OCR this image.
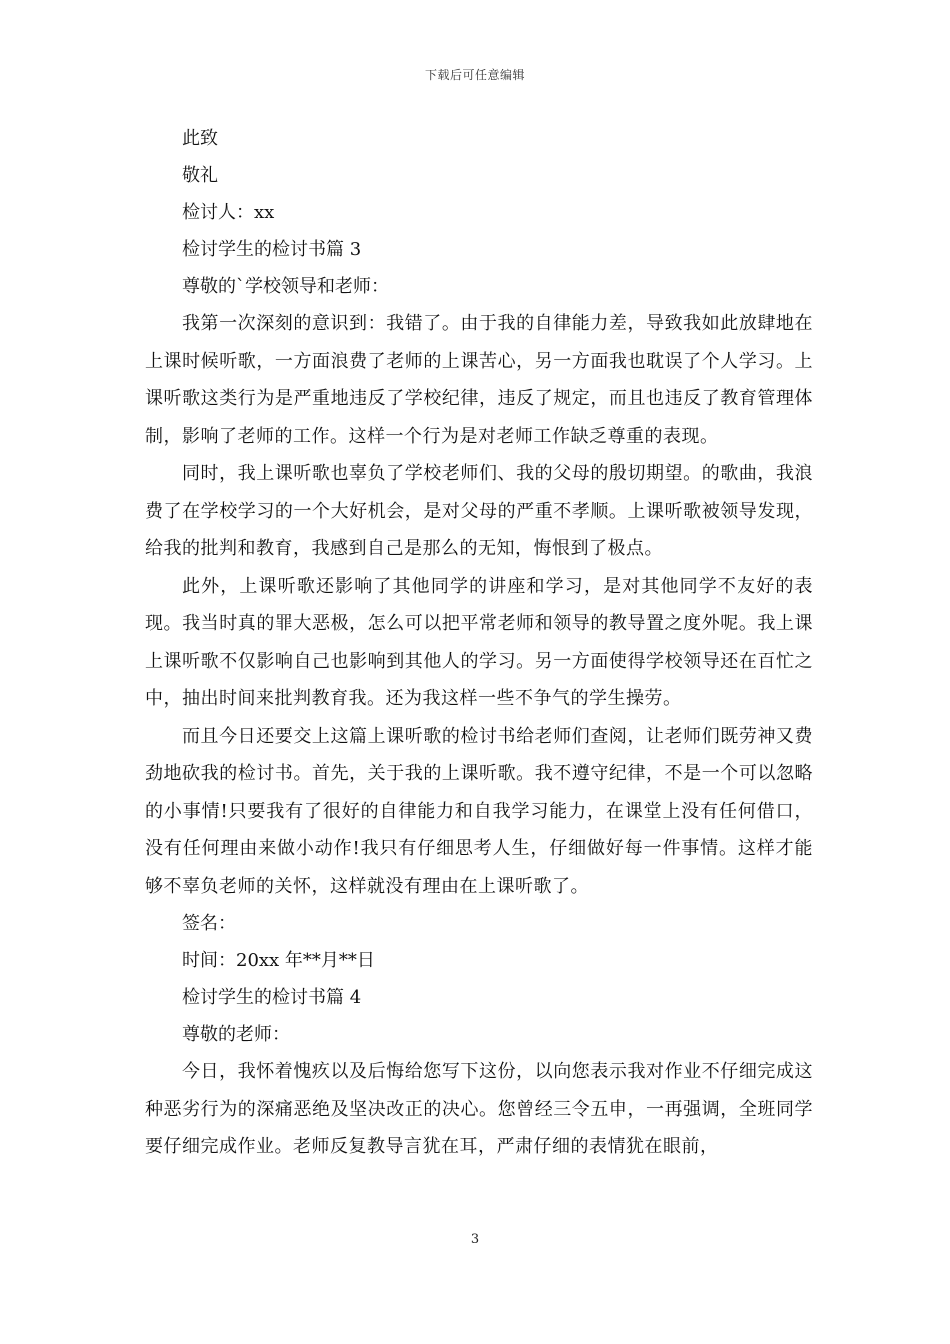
下载后可任意编辑

此致

敬礼

检讨人：xx

检讨学生的检讨书篇 3

尊敬的`学校领导和老师：

我第一次深刻的意识到：我错了。由于我的自律能力差，导致我如此放肆地在上课时候听歌，一方面浪费了老师的上课苦心，另一方面我也耽误了个人学习。上课听歌这类行为是严重地违反了学校纪律，违反了规定，而且也违反了教育管理体制，影响了老师的工作。这样一个行为是对老师工作缺乏尊重的表现。

同时，我上课听歌也辜负了学校老师们、我的父母的殷切期望。的歌曲，我浪费了在学校学习的一个大好机会，是对父母的严重不孝顺。上课听歌被领导发现，给我的批判和教育，我感到自己是那么的无知，悔恨到了极点。

此外，上课听歌还影响了其他同学的讲座和学习，是对其他同学不友好的表现。我当时真的罪大恶极，怎么可以把平常老师和领导的教导置之度外呢。我上课上课听歌不仅影响自己也影响到其他人的学习。另一方面使得学校领导还在百忙之中，抽出时间来批判教育我。还为我这样一些不争气的学生操劳。

而且今日还要交上这篇上课听歌的检讨书给老师们查阅，让老师们既劳神又费劲地砍我的检讨书。首先，关于我的上课听歌。我不遵守纪律，不是一个可以忽略的小事情!只要我有了很好的自律能力和自我学习能力，在课堂上没有任何借口，没有任何理由来做小动作!我只有仔细思考人生，仔细做好每一件事情。这样才能够不辜负老师的关怀，这样就没有理由在上课听歌了。

签名：

时间：20xx 年**月**日

检讨学生的检讨书篇 4

尊敬的老师：

今日，我怀着愧疚以及后悔给您写下这份，以向您表示我对作业不仔细完成这种恶劣行为的深痛恶绝及坚决改正的决心。您曾经三令五申，一再强调，全班同学要仔细完成作业。老师反复教导言犹在耳，严肃仔细的表情犹在眼前，

3
